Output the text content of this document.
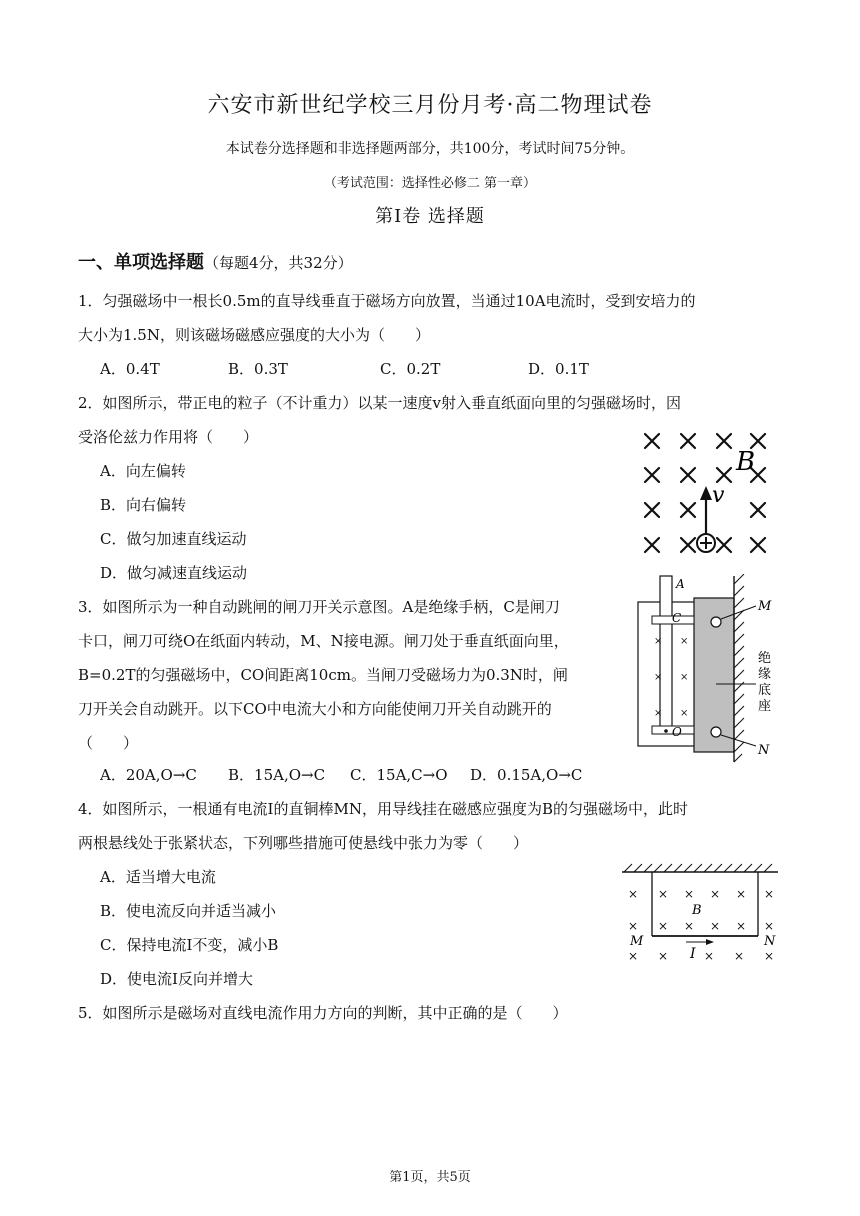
六安市新世纪学校三月份月考·高二物理试卷
本试卷分选择题和非选择题两部分，共100分，考试时间75分钟。
（考试范围：选择性必修二 第一章）
第Ⅰ卷 选择题
一、单项选择题（每题4分，共32分）
1．匀强磁场中一根长0.5m的直导线垂直于磁场方向放置，当通过10A电流时，受到安培力的
大小为1.5N，则该磁场磁感应强度的大小为（　　）
A．0.4T	B．0.3T	C．0.2T	D．0.1T
2．如图所示，带正电的粒子（不计重力）以某一速度v射入垂直纸面向里的匀强磁场时，因
受洛伦兹力作用将（　　）
A．向左偏转
B．向右偏转
C．做匀加速直线运动
D．做匀减速直线运动
B
v
3．如图所示为一种自动跳闸的闸刀开关示意图。A是绝缘手柄，C是闸刀
卡口，闸刀可绕O在纸面内转动，M、N接电源。闸刀处于垂直纸面向里，
B=0.2T的匀强磁场中，CO间距离10cm。当闸刀受磁场力为0.3N时，闸
刀开关会自动跳开。以下CO中电流大小和方向能使闸刀开关自动跳开的
（　　）
A．20A,O→C B．15A,O→C C．15A,C→O D．0.15A,O→C
×
×
×
×
×
×
A
C
M
O
N
绝
缘
底
座
4．如图所示，一根通有电流I的直铜棒MN，用导线挂在磁感应强度为B的匀强磁场中，此时
两根悬线处于张紧状态，下列哪些措施可使悬线中张力为零（　　）
A．适当增大电流
B．使电流反向并适当减小
C．保持电流I不变，减小B
D．使电流I反向并增大
× × × × × ×
× × × × × ×
× ×	× × ×
B
M	N
I
5．如图所示是磁场对直线电流作用力方向的判断，其中正确的是（　　）
第1页，共5页
